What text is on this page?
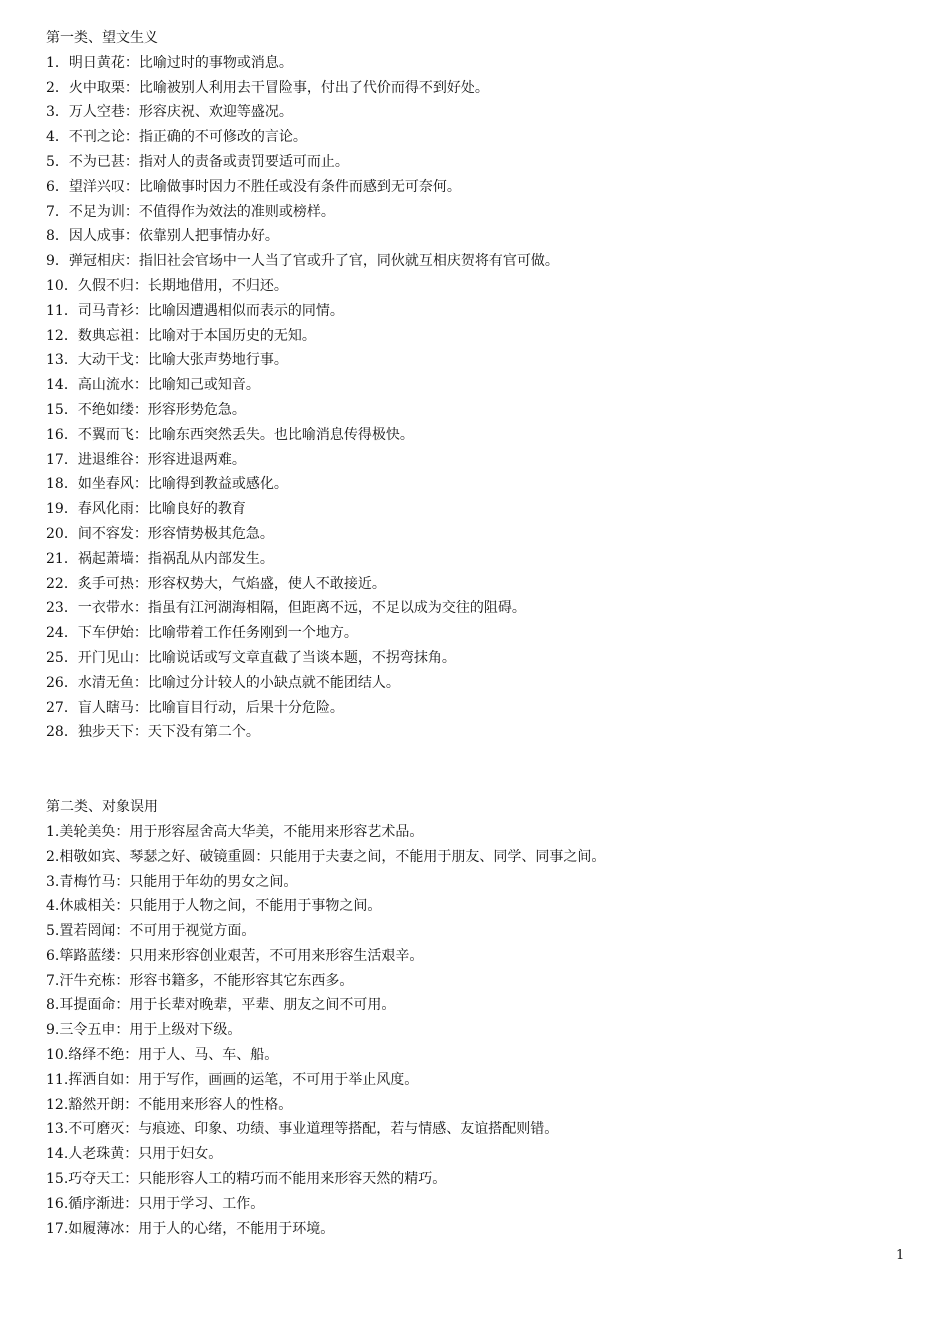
第一类、望文生义

1．明日黄花：比喻过时的事物或消息。

2．火中取栗：比喻被别人利用去干冒险事，付出了代价而得不到好处。

3．万人空巷：形容庆祝、欢迎等盛况。

4．不刊之论：指正确的不可修改的言论。

5．不为已甚：指对人的责备或责罚要适可而止。

6．望洋兴叹：比喻做事时因力不胜任或没有条件而感到无可奈何。

7．不足为训：不值得作为效法的准则或榜样。

8．因人成事：依靠别人把事情办好。

9．弹冠相庆：指旧社会官场中一人当了官或升了官，同伙就互相庆贺将有官可做。

10．久假不归：长期地借用，不归还。

11．司马青衫：比喻因遭遇相似而表示的同情。

12．数典忘祖：比喻对于本国历史的无知。

13．大动干戈：比喻大张声势地行事。

14．高山流水：比喻知己或知音。

15．不绝如缕：形容形势危急。

16．不翼而飞：比喻东西突然丢失。也比喻消息传得极快。

17．进退维谷：形容进退两难。

18．如坐春风：比喻得到教益或感化。

19．春风化雨：比喻良好的教育

20．间不容发：形容情势极其危急。

21．祸起萧墙：指祸乱从内部发生。

22．炙手可热：形容权势大，气焰盛，使人不敢接近。

23．一衣带水：指虽有江河湖海相隔，但距离不远，不足以成为交往的阻碍。

24．下车伊始：比喻带着工作任务刚到一个地方。

25．开门见山：比喻说话或写文章直截了当谈本题，不拐弯抹角。

26．水清无鱼：比喻过分计较人的小缺点就不能团结人。

27．盲人瞎马：比喻盲目行动，后果十分危险。

28．独步天下：天下没有第二个。

第二类、对象误用

1.美轮美奂：用于形容屋舍高大华美，不能用来形容艺术品。

2.相敬如宾、琴瑟之好、破镜重圆：只能用于夫妻之间，不能用于朋友、同学、同事之间。

3.青梅竹马：只能用于年幼的男女之间。

4.休戚相关：只能用于人物之间，不能用于事物之间。

5.置若罔闻：不可用于视觉方面。

6.筚路蓝缕：只用来形容创业艰苦，不可用来形容生活艰辛。

7.汗牛充栋：形容书籍多，不能形容其它东西多。

8.耳提面命：用于长辈对晚辈，平辈、朋友之间不可用。

9.三令五申：用于上级对下级。

10.络绎不绝：用于人、马、车、船。

11.挥洒自如：用于写作，画画的运笔，不可用于举止风度。

12.豁然开朗：不能用来形容人的性格。

13.不可磨灭：与痕迹、印象、功绩、事业道理等搭配，若与情感、友谊搭配则错。

14.人老珠黄：只用于妇女。

15.巧夺天工：只能形容人工的精巧而不能用来形容天然的精巧。

16.循序渐进：只用于学习、工作。

17.如履薄冰：用于人的心绪，不能用于环境。

1
